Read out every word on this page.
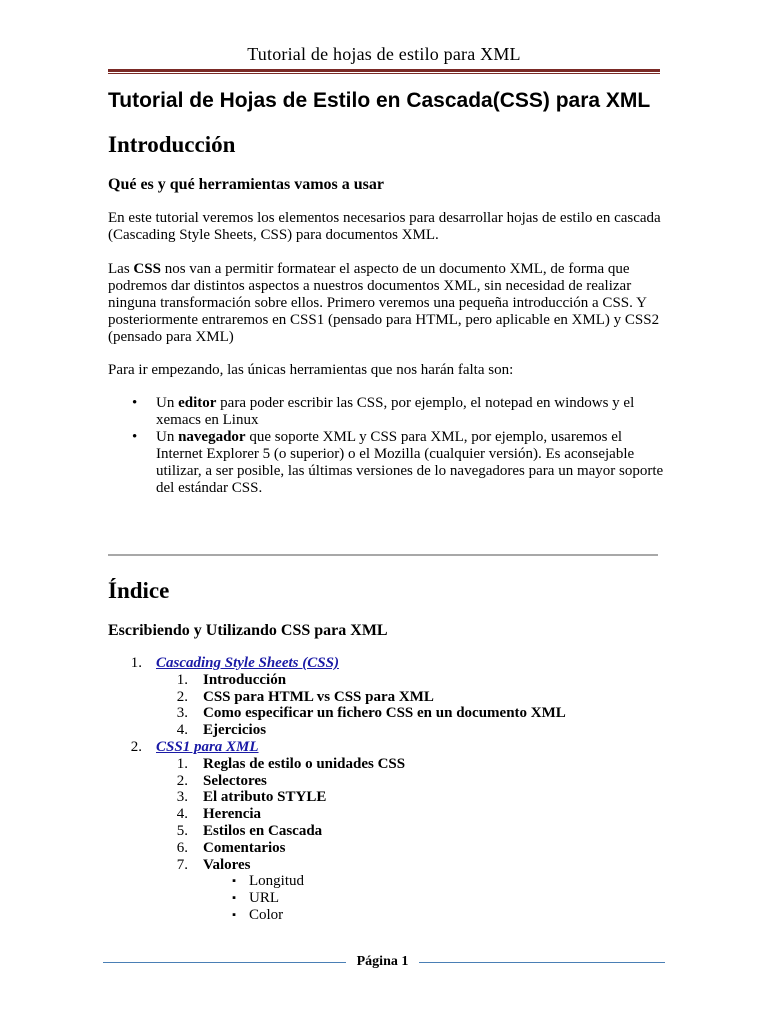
Tutorial de hojas de estilo para XML
Tutorial de Hojas de Estilo en Cascada(CSS) para XML
Introducción
Qué es y qué herramientas vamos a usar

En este tutorial veremos los elementos necesarios para desarrollar hojas de estilo en cascada (Cascading Style Sheets, CSS) para documentos XML.

Las CSS nos van a permitir formatear el aspecto de un documento XML, de forma que podremos dar distintos aspectos a nuestros documentos XML, sin necesidad de realizar ninguna transformación sobre ellos. Primero veremos una pequeña introducción a CSS. Y posteriormente entraremos en CSS1 (pensado para HTML, pero aplicable en XML) y CSS2 (pensado para XML)

Para ir empezando, las únicas herramientas que nos harán falta son:

• Un editor para poder escribir las CSS, por ejemplo, el notepad en windows y el xemacs en Linux
• Un navegador que soporte XML y CSS para XML, por ejemplo, usaremos el Internet Explorer 5 (o superior) o el Mozilla (cualquier versión). Es aconsejable utilizar, a ser posible, las últimas versiones de lo navegadores para un mayor soporte del estándar CSS.
Índice
Escribiendo y Utilizando CSS para XML
1. Cascading Style Sheets (CSS)
1. Introducción
2. CSS para HTML vs CSS para XML
3. Como especificar un fichero CSS en un documento XML
4. Ejercicios
2. CSS1 para XML
1. Reglas de estilo o unidades CSS
2. Selectores
3. El atributo STYLE
4. Herencia
5. Estilos en Cascada
6. Comentarios
7. Valores
▪ Longitud
▪ URL
▪ Color
Página 1
